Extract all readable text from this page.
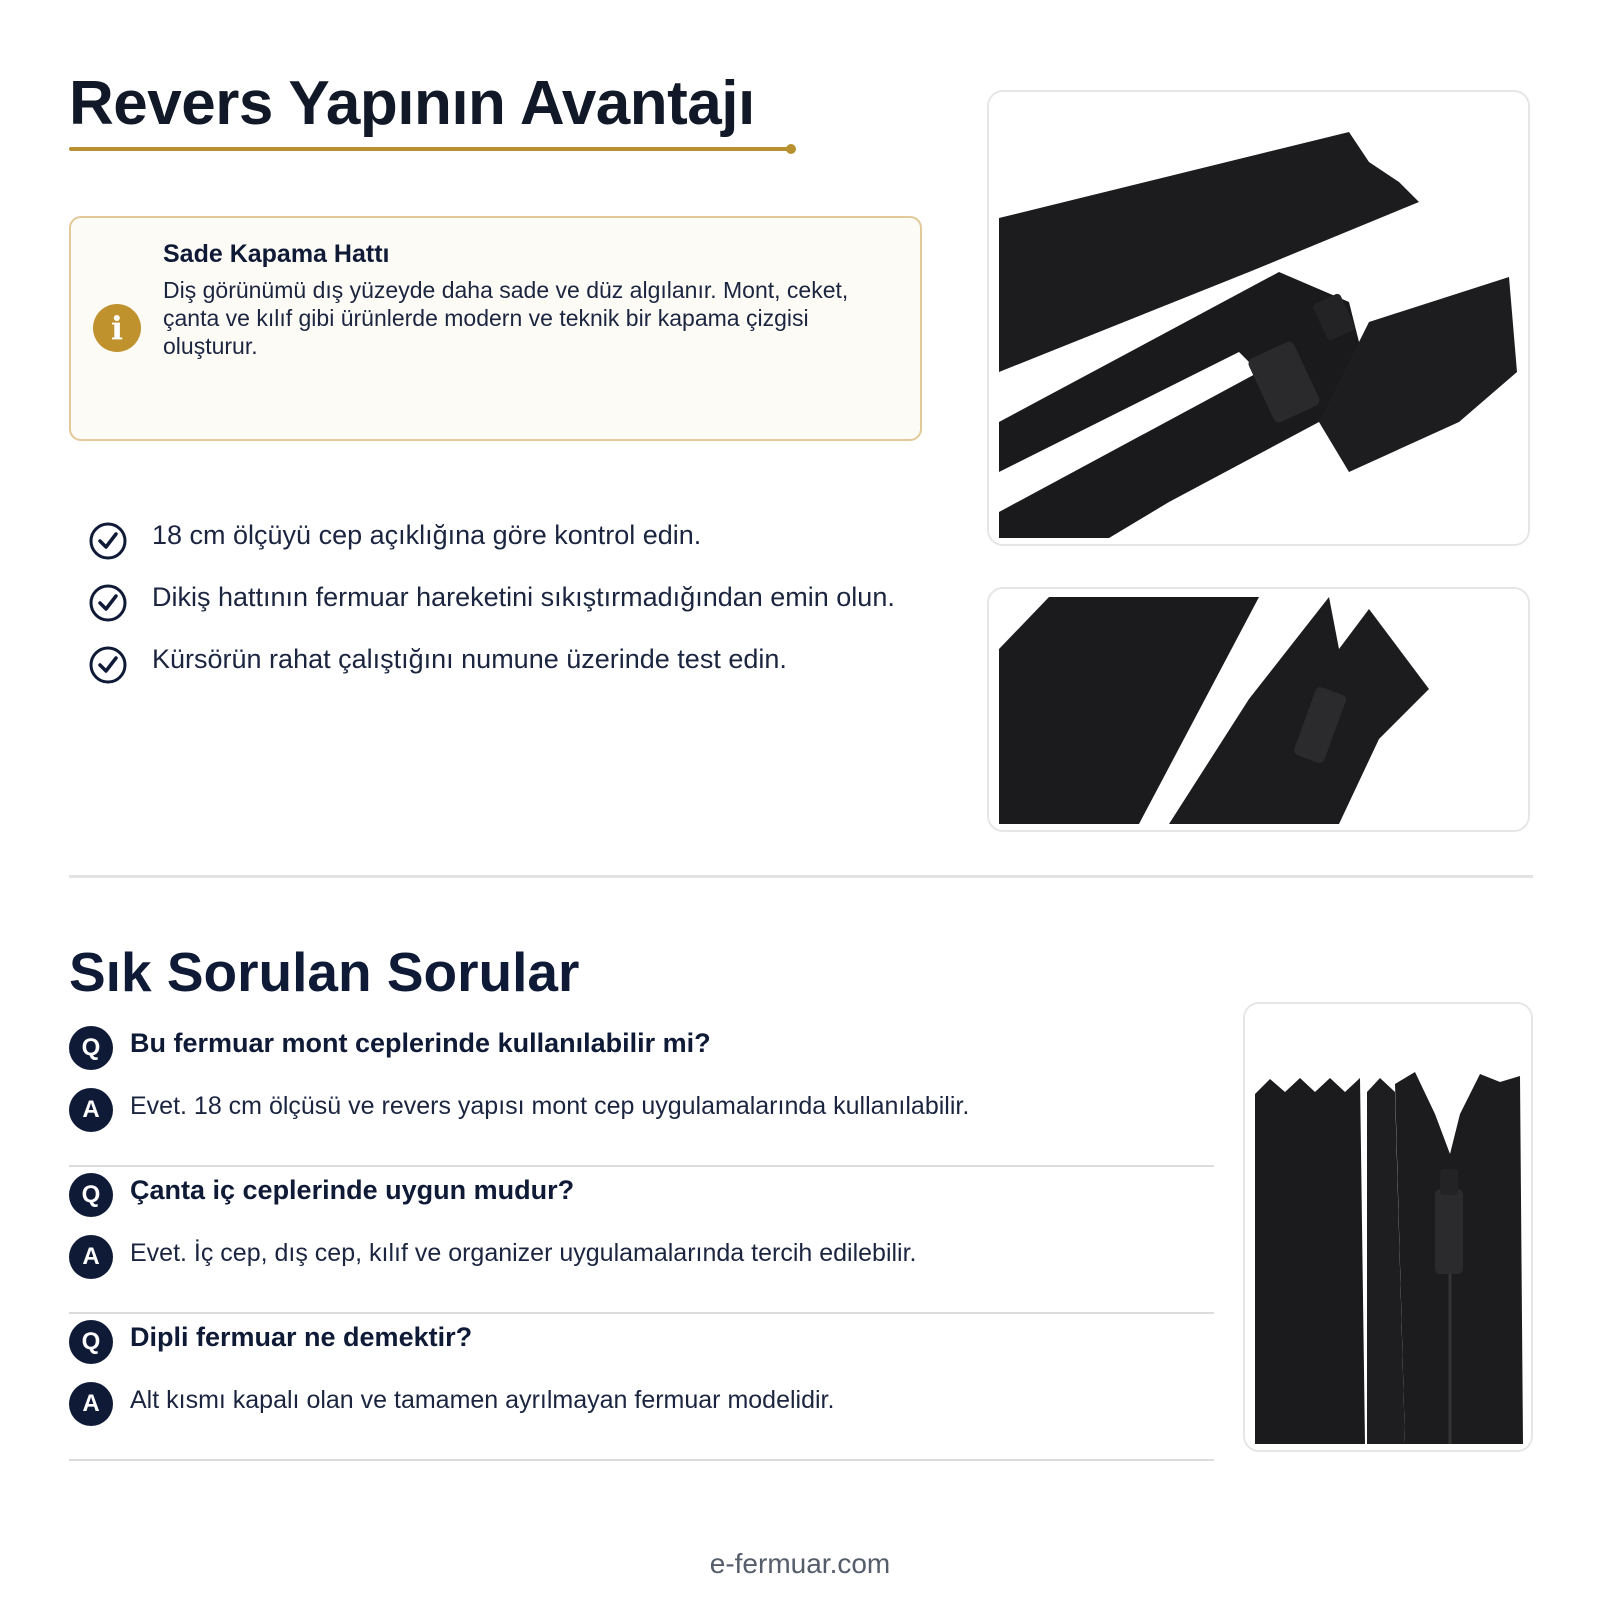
Revers Yapının Avantajı
i
Sade Kapama Hattı
Diş görünümü dış yüzeyde daha sade ve düz algılanır. Mont, ceket, çanta ve kılıf gibi ürünlerde modern ve teknik bir kapama çizgisi oluşturur.
18 cm ölçüyü cep açıklığına göre kontrol edin.
Dikiş hattının fermuar hareketini sıkıştırmadığından emin olun.
Kürsörün rahat çalıştığını numune üzerinde test edin.
Sık Sorulan Sorular
Q	Bu fermuar mont ceplerinde kullanılabilir mi?
A	Evet. 18 cm ölçüsü ve revers yapısı mont cep uygulamalarında kullanılabilir.
Q	Çanta iç ceplerinde uygun mudur?
A	Evet. İç cep, dış cep, kılıf ve organizer uygulamalarında tercih edilebilir.
Q	Dipli fermuar ne demektir?
A	Alt kısmı kapalı olan ve tamamen ayrılmayan fermuar modelidir.
e-fermuar.com
